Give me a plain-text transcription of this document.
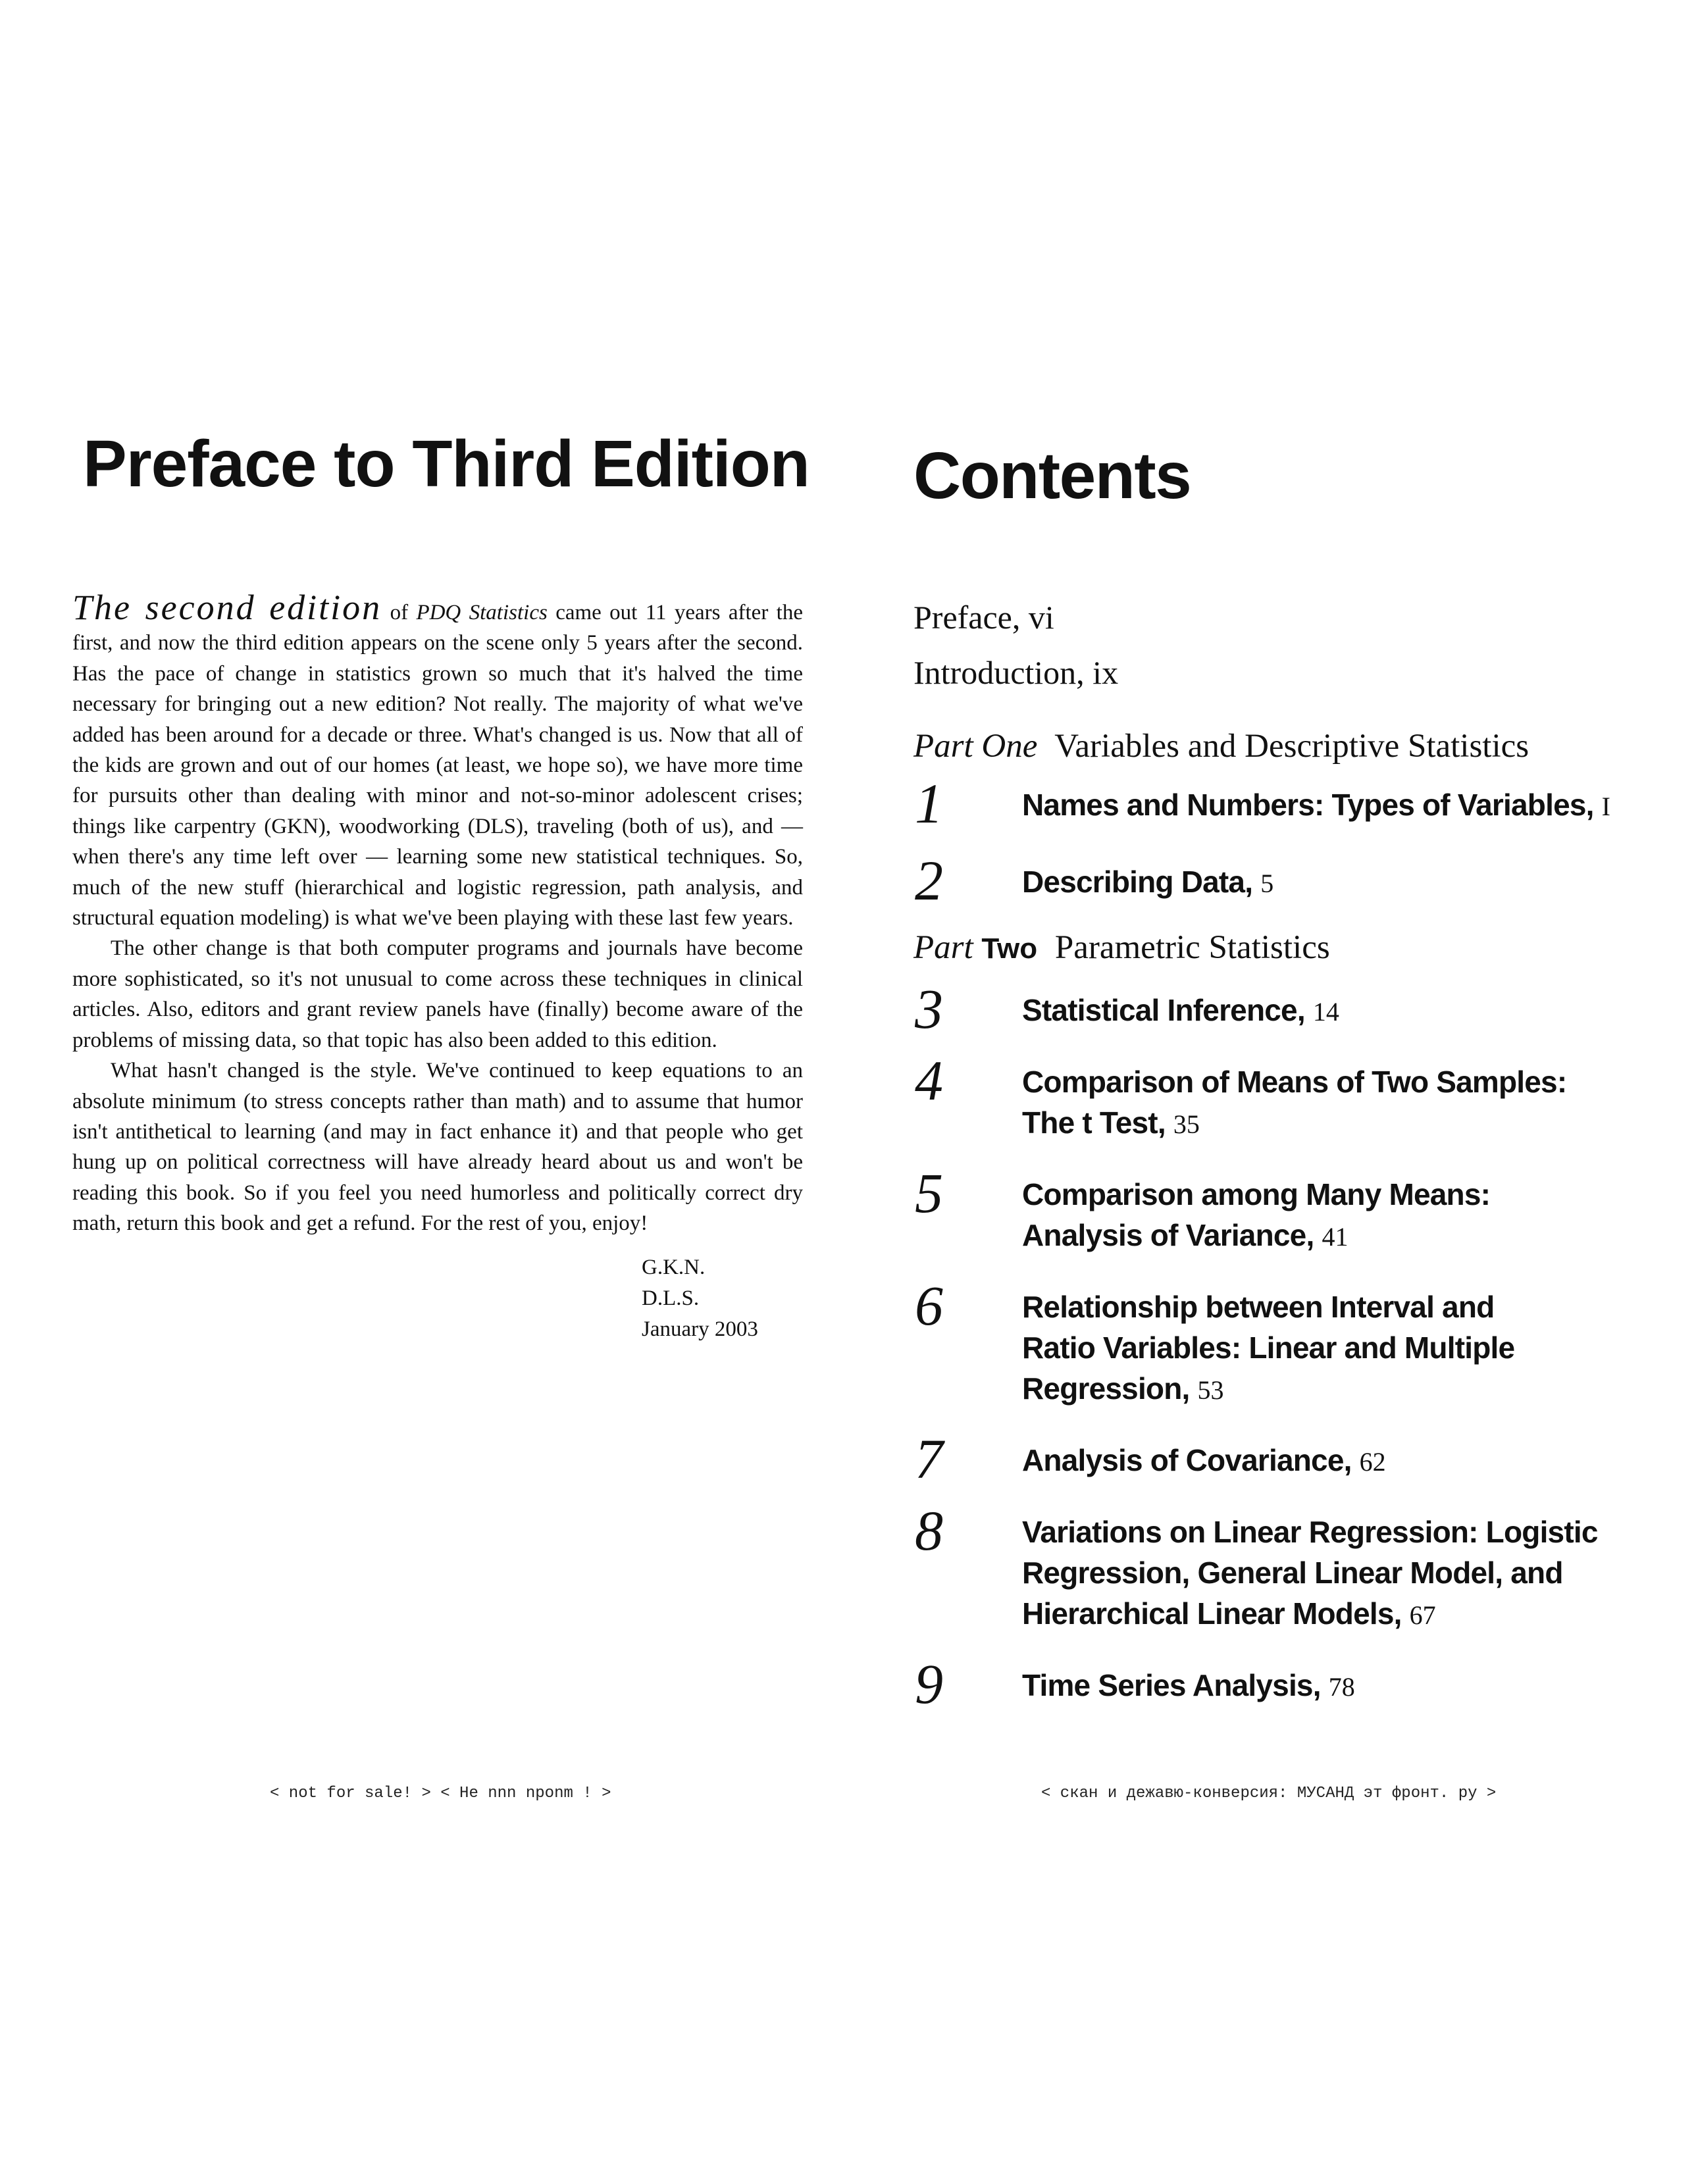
Preface to Third Edition

The second edition of PDQ Statistics came out 11 years after the first, and now the third edition appears on the scene only 5 years after the second. Has the pace of change in statistics grown so much that it's halved the time necessary for bringing out a new edition? Not really. The majority of what we've added has been around for a decade or three. What's changed is us. Now that all of the kids are grown and out of our homes (at least, we hope so), we have more time for pursuits other than dealing with minor and not-so-minor adolescent crises; things like carpentry (GKN), woodworking (DLS), traveling (both of us), and — when there's any time left over — learning some new statistical techniques. So, much of the new stuff (hierarchical and logistic regression, path analysis, and structural equation modeling) is what we've been playing with these last few years.

The other change is that both computer programs and journals have become more sophisticated, so it's not unusual to come across these techniques in clinical articles. Also, editors and grant review panels have (finally) become aware of the problems of missing data, so that topic has also been added to this edition.

What hasn't changed is the style. We've continued to keep equations to an absolute minimum (to stress concepts rather than math) and to assume that humor isn't antithetical to learning (and may in fact enhance it) and that people who get hung up on political correctness will have already heard about us and won't be reading this book. So if you feel you need humorless and politically correct dry math, return this book and get a refund. For the rest of you, enjoy!

G.K.N.
D.L.S.
January 2003
Contents
Preface, vi
Introduction, ix
Part One Variables and Descriptive Statistics
1	Names and Numbers: Types of Variables, I
2	Describing Data, 5
Part Two Parametric Statistics
3	Statistical Inference, 14
4	Comparison of Means of Two Samples:
The t Test, 35
5	Comparison among Many Means:
Analysis of Variance, 41
6	Relationship between Interval and
Ratio Variables: Linear and Multiple
Regression, 53
7	Analysis of Covariance, 62
8	Variations on Linear Regression: Logistic
Regression, General Linear Model, and
Hierarchical Linear Models, 67
9	Time Series Analysis, 78
< not for sale! > < He nnn nponm ! >	< скан и дежавю-конверсия: МУСАНД эт фронт. ру >
